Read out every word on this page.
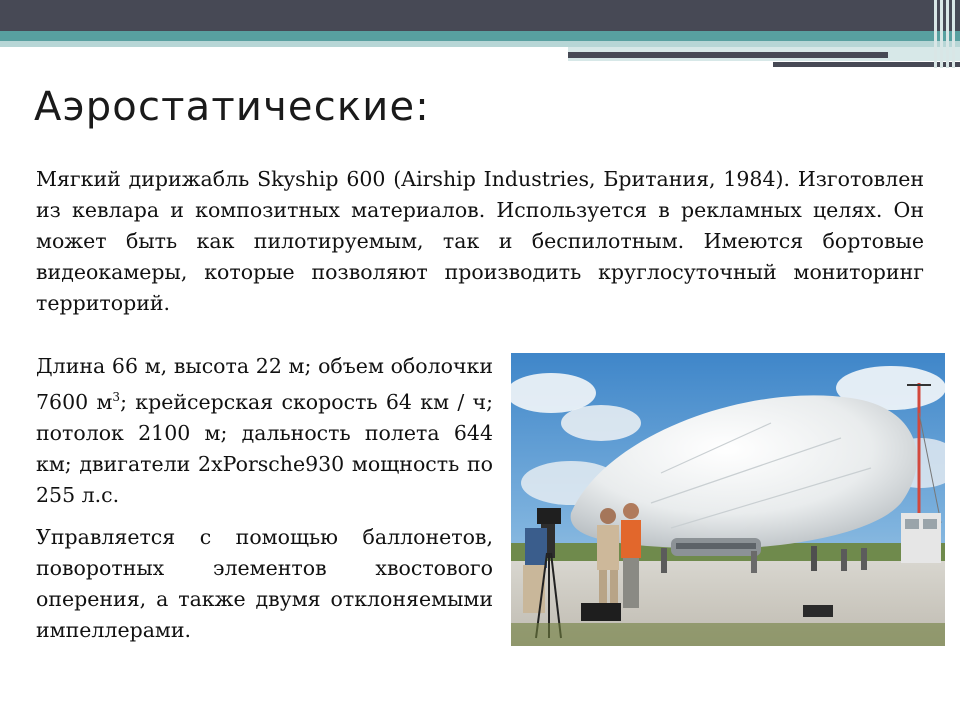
Аэростатические:

Мягкий дирижабль Skyship 600 (Airship Industries, Британия, 1984). Изготовлен из кевлара и композитных материалов. Используется в рекламных целях. Он может быть как пилотируемым, так и беспилотным. Имеются бортовые видеокамеры, которые позволяют производить круглосуточный мониторинг территорий.

Длина 66 м, высота 22 м; объем оболочки 7600 $м^3$; крейсерская скорость 64 км / ч; потолок 2100 м; дальность полета 644 км; двигатели 2хPorsche930 мощность по 255 л.с.

Управляется с помощью баллонетов, поворотных элементов хвостового оперения, а также двумя отклоняемыми импеллерами.
